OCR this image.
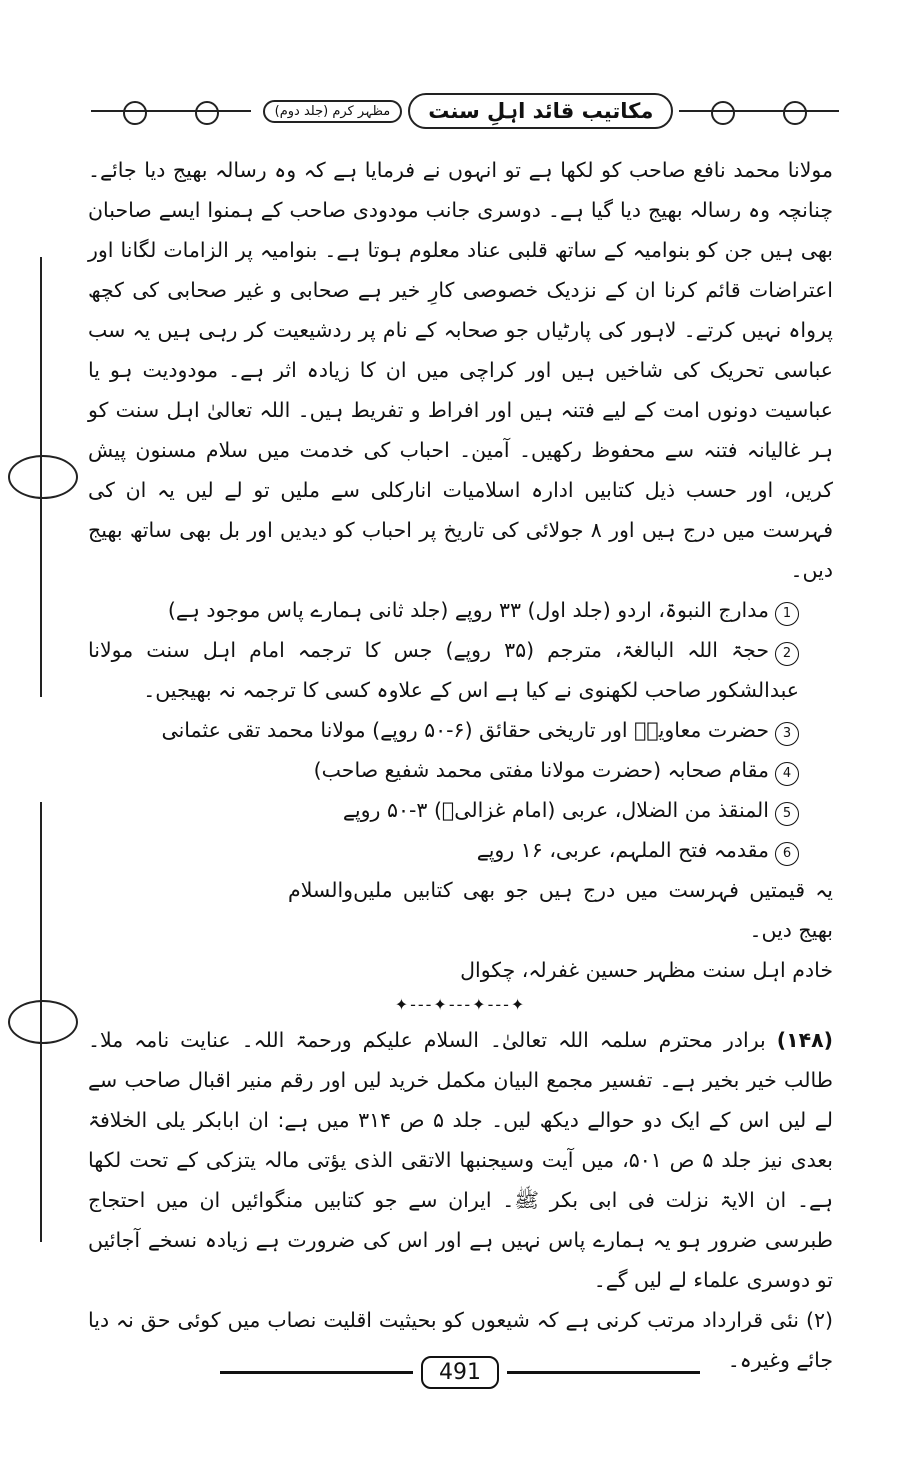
مکاتیب قائد اہلِ سنت
مظہر کرم (جلد دوم)

مولانا محمد نافع صاحب کو لکھا ہے تو انہوں نے فرمایا ہے کہ وہ رسالہ بھیج دیا جائے۔ چنانچہ وہ رسالہ بھیج دیا گیا ہے۔ دوسری جانب مودودی صاحب کے ہمنوا ایسے صاحبان بھی ہیں جن کو بنوامیہ کے ساتھ قلبی عناد معلوم ہوتا ہے۔ بنوامیہ پر الزامات لگانا اور اعتراضات قائم کرنا ان کے نزدیک خصوصی کارِ خیر ہے صحابی و غیر صحابی کی کچھ پرواہ نہیں کرتے۔ لاہور کی پارٹیاں جو صحابہ کے نام پر ردشیعیت کر رہی ہیں یہ سب عباسی تحریک کی شاخیں ہیں اور کراچی میں ان کا زیادہ اثر ہے۔ مودودیت ہو یا عباسیت دونوں امت کے لیے فتنہ ہیں اور افراط و تفریط ہیں۔ اللہ تعالیٰ اہل سنت کو ہر غالیانہ فتنہ سے محفوظ رکھیں۔ آمین۔ احباب کی خدمت میں سلام مسنون پیش کریں، اور حسب ذیل کتابیں ادارہ اسلامیات انارکلی سے ملیں تو لے لیں یہ ان کی فہرست میں درج ہیں اور ۸ جولائی کی تاریخ پر احباب کو دیدیں اور بل بھی ساتھ بھیج دیں۔

1مدارج النبوۃ، اردو (جلد اول) ۳۳ روپے (جلد ثانی ہمارے پاس موجود ہے)

2حجۃ اللہ البالغۃ، مترجم (۳۵ روپے) جس کا ترجمہ امام اہل سنت مولانا عبدالشکور صاحب لکھنوی نے کیا ہے اس کے علاوہ کسی کا ترجمہ نہ بھیجیں۔

3حضرت معاویہؓ اور تاریخی حقائق (۶-۵۰ روپے) مولانا محمد تقی عثمانی

4مقام صحابہ (حضرت مولانا مفتی محمد شفیع صاحب)

5المنقذ من الضلال، عربی (امام غزالیؒ) ۳-۵۰ روپے

6مقدمہ فتح الملہم، عربی، ۱۶ روپے

یہ قیمتیں فہرست میں درج ہیں جو بھی کتابیں ملیں بھیج دیں۔
والسلام

خادم اہل سنت مظہر حسین غفرلہ، چکوال

✦---✦---✦---✦

(۱۴۸) برادر محترم سلمہ اللہ تعالیٰ۔ السلام علیکم ورحمۃ اللہ۔ عنایت نامہ ملا۔ طالب خیر بخیر ہے۔ تفسیر مجمع البیان مکمل خرید لیں اور رقم منیر اقبال صاحب سے لے لیں اس کے ایک دو حوالے دیکھ لیں۔ جلد ۵ ص ۳۱۴ میں ہے: ان ابابکر یلی الخلافۃ بعدی نیز جلد ۵ ص ۵۰۱، میں آیت وسیجنبھا الاتقی الذی یؤتی مالہ یتزکی کے تحت لکھا ہے۔ ان الایۃ نزلت فی ابی بکر ﷺ۔ ایران سے جو کتابیں منگوائیں ان میں احتجاج طبرسی ضرور ہو یہ ہمارے پاس نہیں ہے اور اس کی ضرورت ہے زیادہ نسخے آجائیں تو دوسری علماء لے لیں گے۔

(۲) نئی قرارداد مرتب کرنی ہے کہ شیعوں کو بحیثیت اقلیت نصاب میں کوئی حق نہ دیا جائے وغیرہ۔

491
